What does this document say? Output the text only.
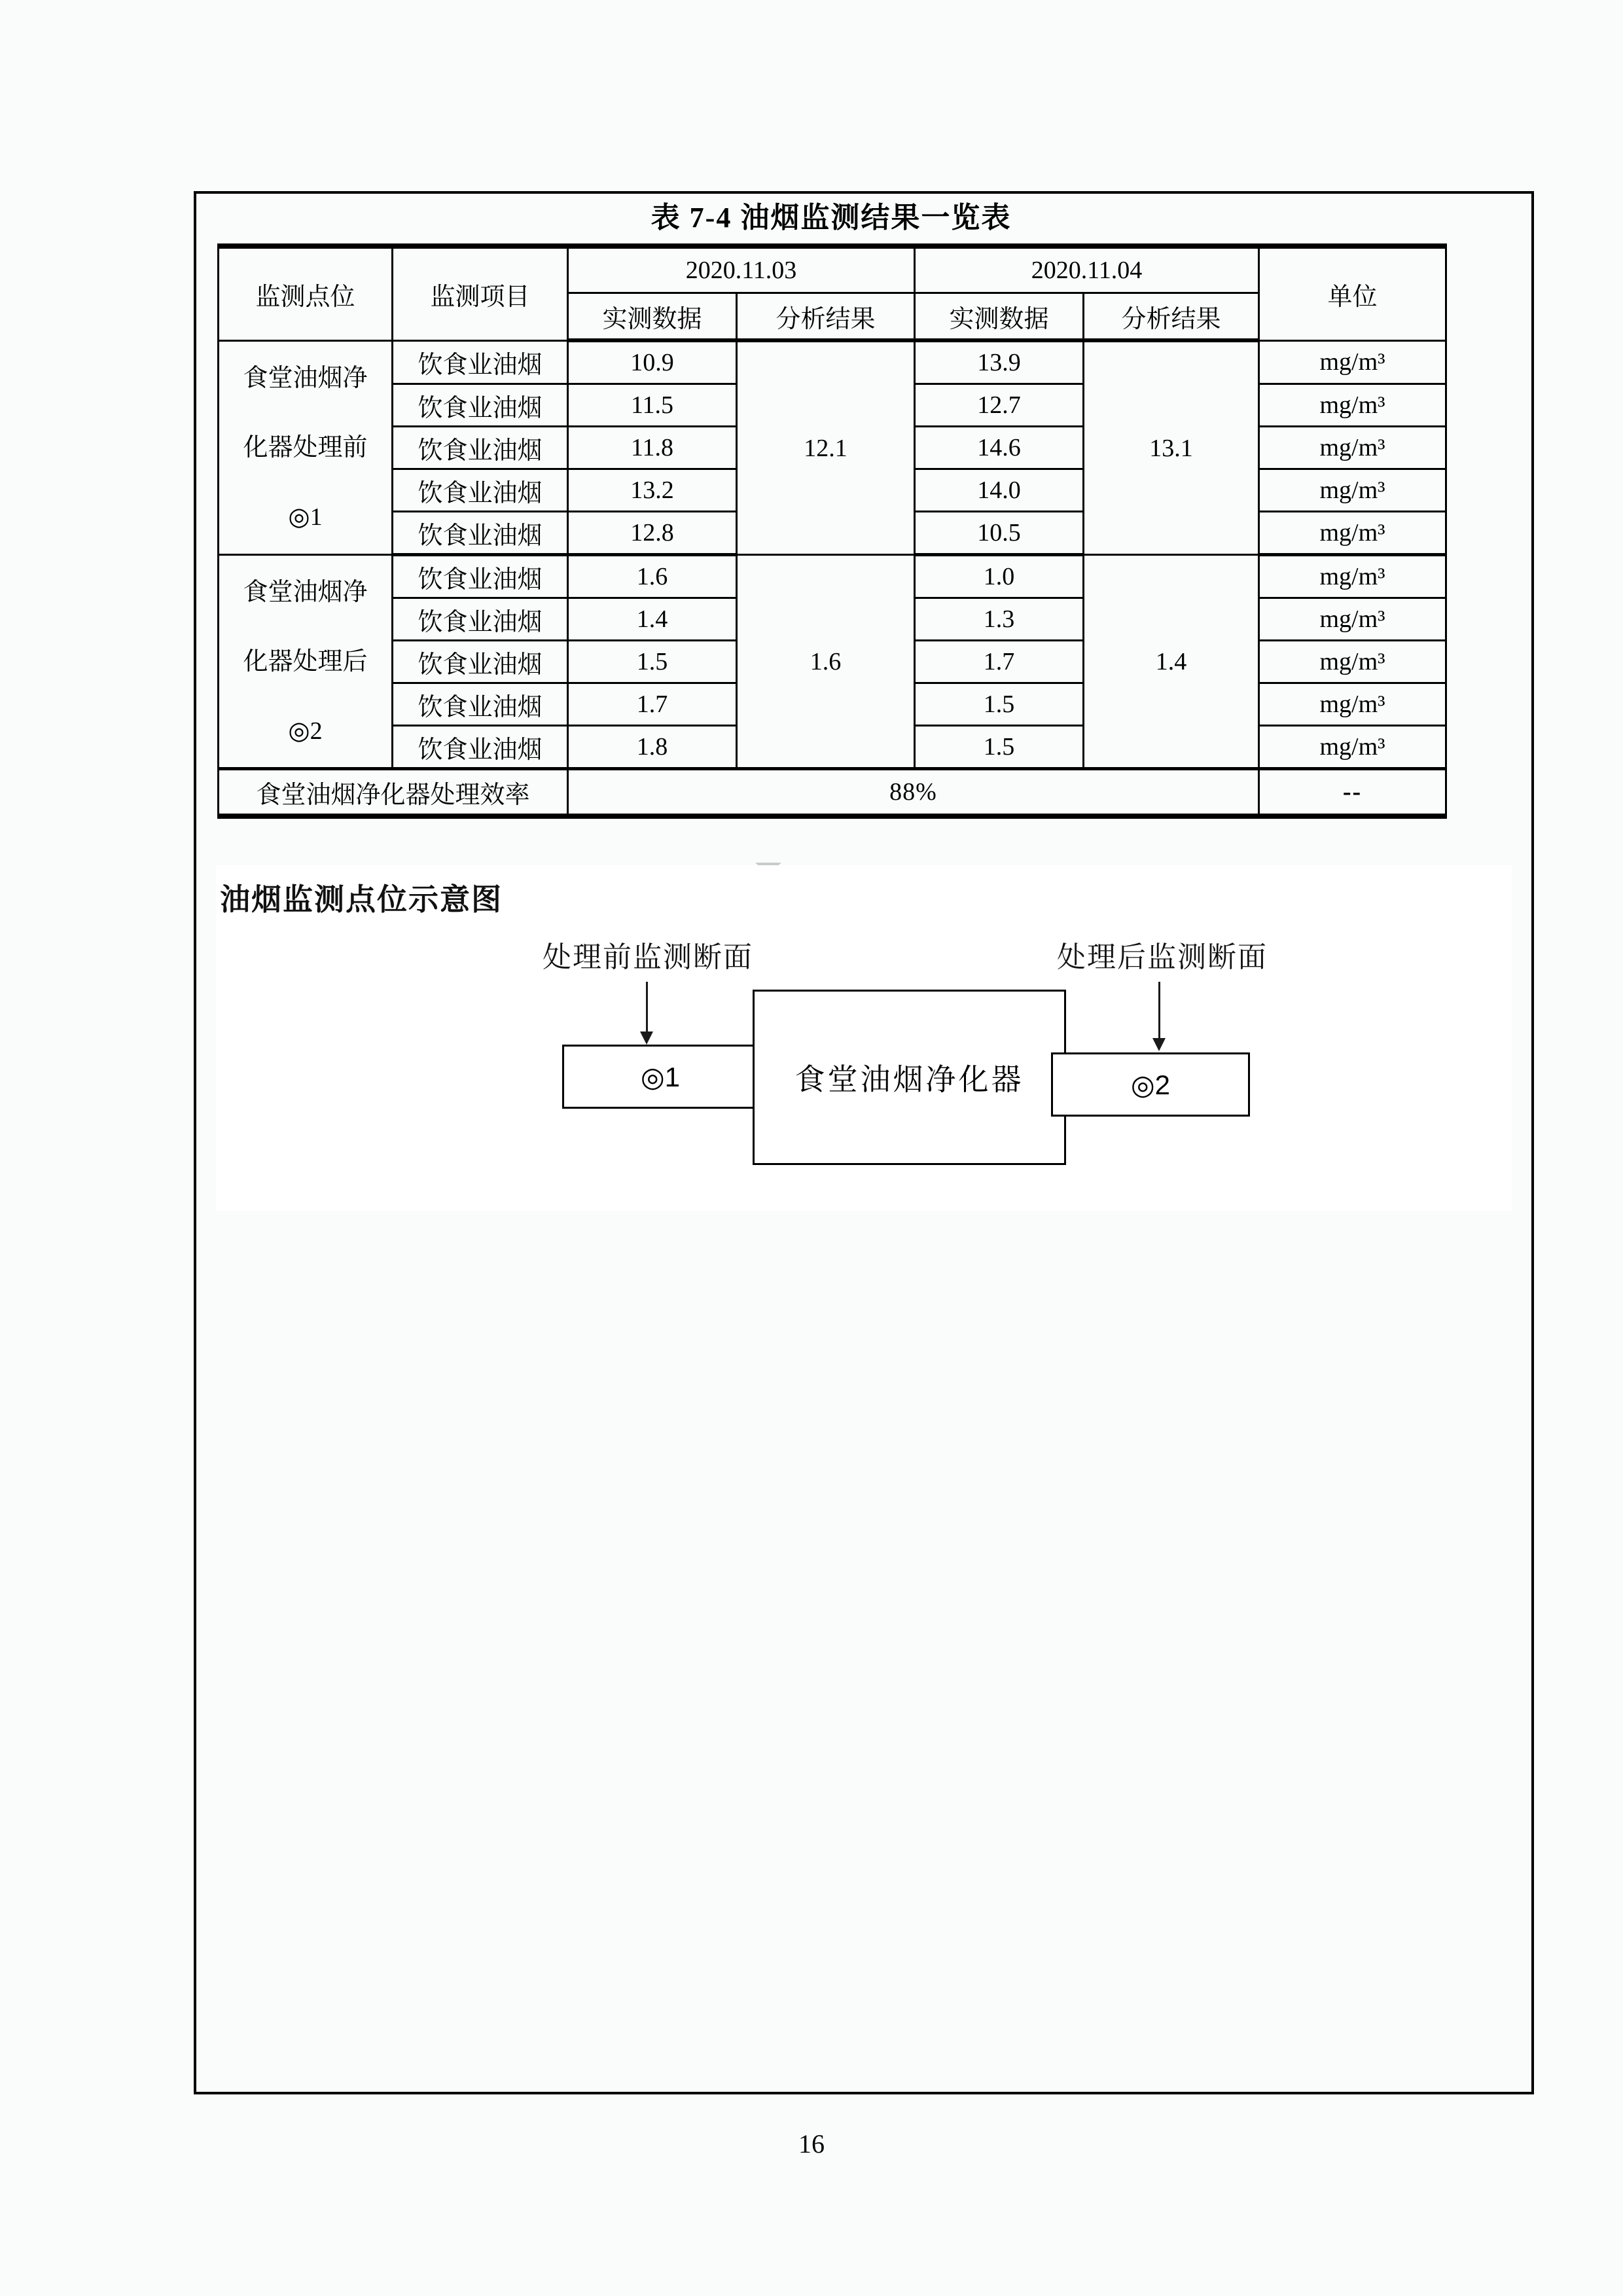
表 7-4 油烟监测结果一览表
监测点位	监测项目	2020.11.03		2020.11.04		单位
		实测数据	分析结果	实测数据	分析结果	

食堂油烟净
化器处理前
◎1	饮食业油烟	10.9	12.1	13.9	13.1	mg/m³
	饮食业油烟	11.5		12.7		mg/m³
	饮食业油烟	11.8		14.6		mg/m³
	饮食业油烟	13.2		14.0		mg/m³
	饮食业油烟	12.8		10.5		mg/m³

食堂油烟净
化器处理后
◎2	饮食业油烟	1.6	1.6	1.0	1.4	mg/m³
	饮食业油烟	1.4		1.3		mg/m³
	饮食业油烟	1.5		1.7		mg/m³
	饮食业油烟	1.7		1.5		mg/m³
	饮食业油烟	1.8		1.5		mg/m³
食堂油烟净化器处理效率		88%				--
油烟监测点位示意图
处理前监测断面	处理后监测断面
◎1	食堂油烟净化器	◎2
16
